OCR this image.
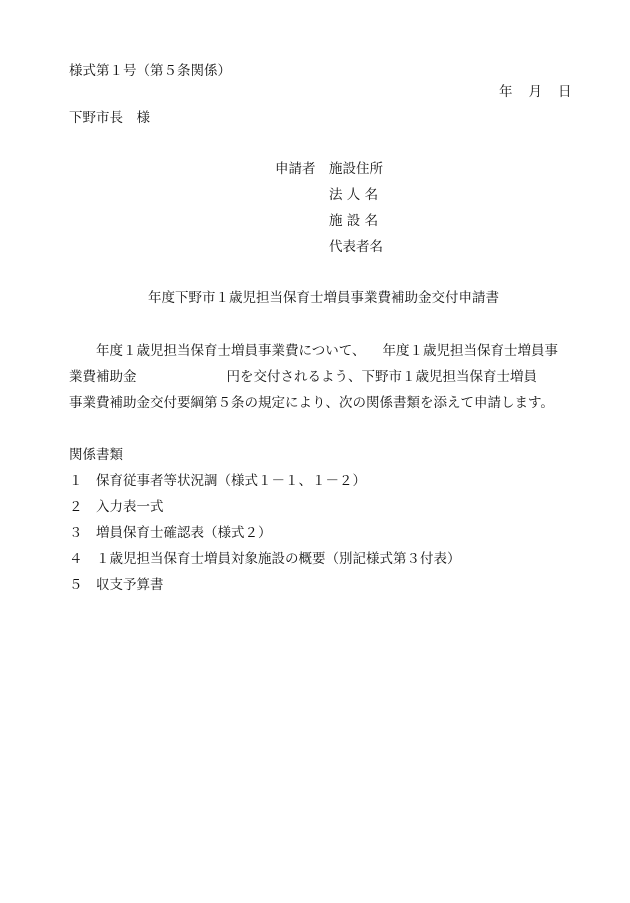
様式第１号（第５条関係）
年 月 日
下野市長　様
申請者 施設住所
法 人 名
施 設 名
代表者名
年度下野市１歳児担当保育士増員事業費補助金交付申請書
年度１歳児担当保育士増員事業費について、 年度１歳児担当保育士増員事
業費補助金	円を交付されるよう、下野市１歳児担当保育士増員
事業費補助金交付要綱第５条の規定により、次の関係書類を添えて申請します。
関係書類
１ 保育従事者等状況調（様式１－１、１－２）
２ 入力表一式
３ 増員保育士確認表（様式２）
４ １歳児担当保育士増員対象施設の概要（別記様式第３付表）
５ 収支予算書
